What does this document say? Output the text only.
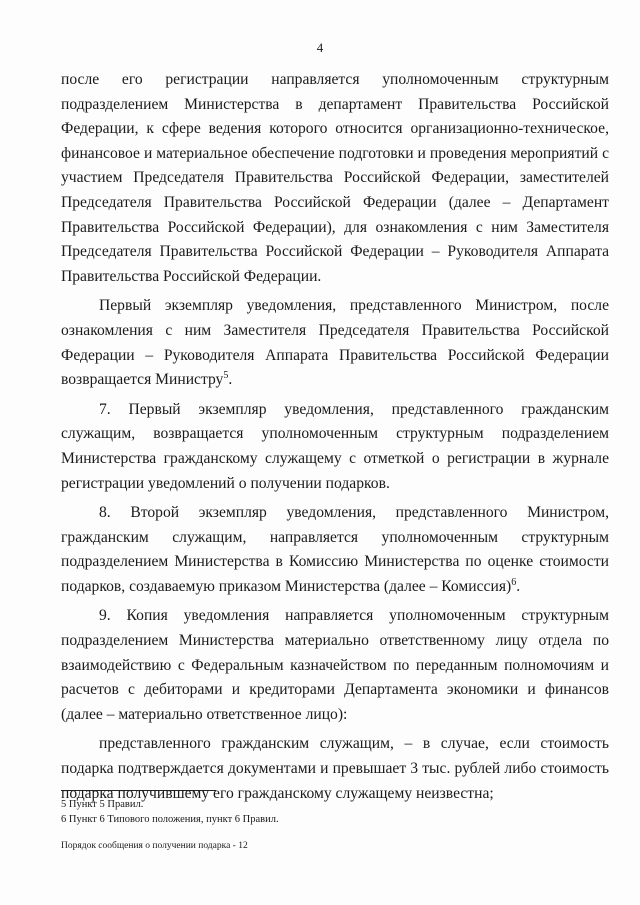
4

после его регистрации направляется уполномоченным структурным подразделением Министерства в департамент Правительства Российской Федерации, к сфере ведения которого относится организационно-техническое, финансовое и материальное обеспечение подготовки и проведения мероприятий с участием Председателя Правительства Российской Федерации, заместителей Председателя Правительства Российской Федерации (далее – Департамент Правительства Российской Федерации), для ознакомления с ним Заместителя Председателя Правительства Российской Федерации – Руководителя Аппарата Правительства Российской Федерации.

Первый экземпляр уведомления, представленного Министром, после ознакомления с ним Заместителя Председателя Правительства Российской Федерации – Руководителя Аппарата Правительства Российской Федерации возвращается Министру$^5$.

7. Первый экземпляр уведомления, представленного гражданским служащим, возвращается уполномоченным структурным подразделением Министерства гражданскому служащему с отметкой о регистрации в журнале регистрации уведомлений о получении подарков.

8. Второй экземпляр уведомления, представленного Министром, гражданским служащим, направляется уполномоченным структурным подразделением Министерства в Комиссию Министерства по оценке стоимости подарков, создаваемую приказом Министерства (далее – Комиссия)$^6$.

9. Копия уведомления направляется уполномоченным структурным подразделением Министерства материально ответственному лицу отдела по взаимодействию с Федеральным казначейством по переданным полномочиям и расчетов с дебиторами и кредиторами Департамента экономики и финансов (далее – материально ответственное лицо):

представленного гражданским служащим, – в случае, если стоимость подарка подтверждается документами и превышает 3 тыс. рублей либо стоимость подарка получившему его гражданскому служащему неизвестна;

5 Пункт 5 Правил.

6 Пункт 6 Типового положения, пункт 6 Правил.

Порядок сообщения о получении подарка - 12
